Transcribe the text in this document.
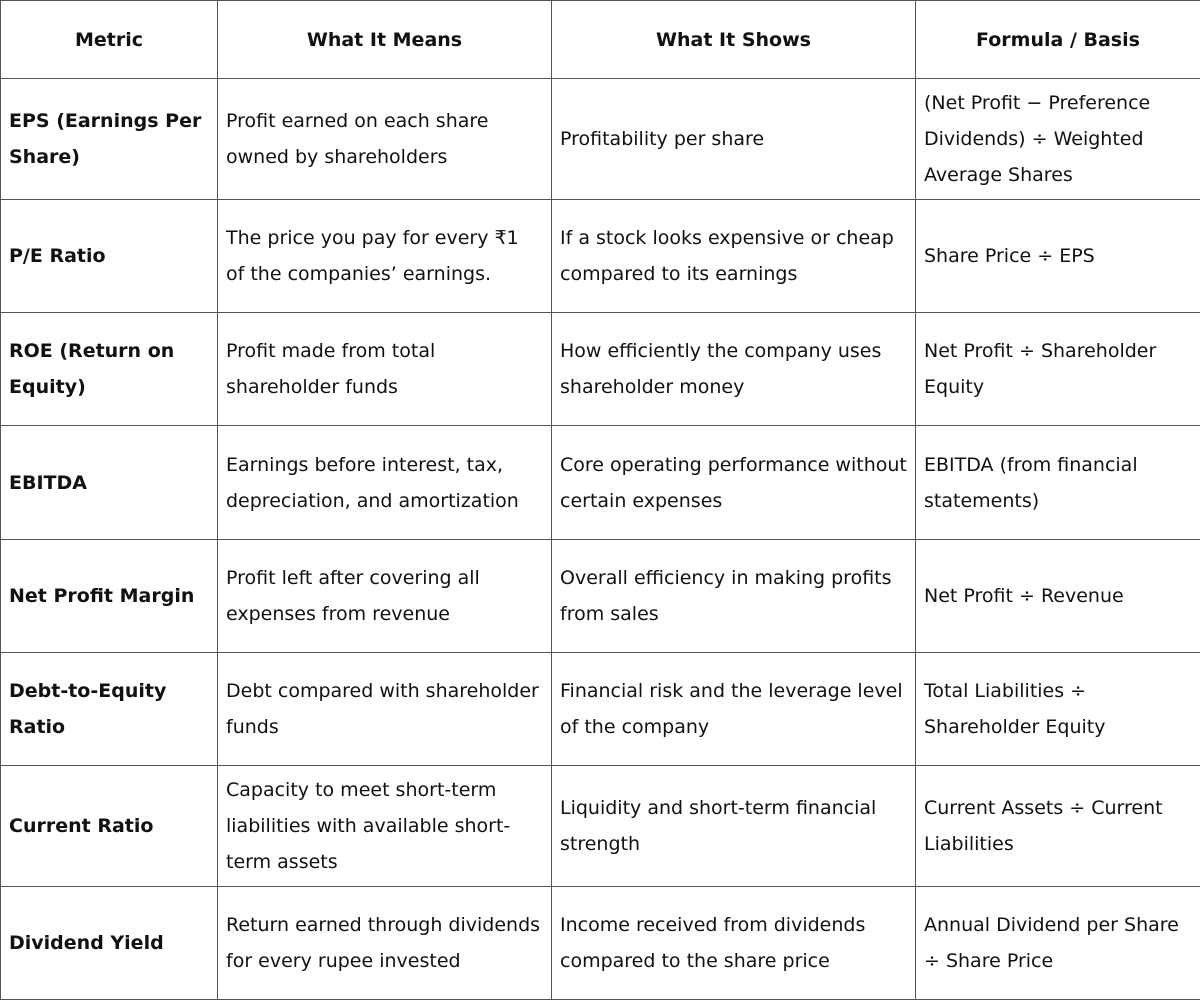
Metric	What It Means	What It Shows	Formula / Basis
EPS (Earnings Per Share)	Profit earned on each share owned by shareholders	Profitability per share	(Net Profit − Preference Dividends) ÷ Weighted Average Shares
P/E Ratio	The price you pay for every ₹1 of the companies’ earnings.	If a stock looks expensive or cheap compared to its earnings	Share Price ÷ EPS
ROE (Return on Equity)	Profit made from total shareholder funds	How efficiently the company uses shareholder money	Net Profit ÷ Shareholder Equity
EBITDA	Earnings before interest, tax, depreciation, and amortization	Core operating performance without certain expenses	EBITDA (from financial statements)
Net Profit Margin	Profit left after covering all expenses from revenue	Overall efficiency in making profits from sales	Net Profit ÷ Revenue
Debt-to-Equity Ratio	Debt compared with shareholder funds	Financial risk and the leverage level of the company	Total Liabilities ÷ Shareholder Equity
Current Ratio	Capacity to meet short-term liabilities with available short-term assets	Liquidity and short-term financial strength	Current Assets ÷ Current Liabilities
Dividend Yield	Return earned through dividends for every rupee invested	Income received from dividends compared to the share price	Annual Dividend per Share ÷ Share Price
